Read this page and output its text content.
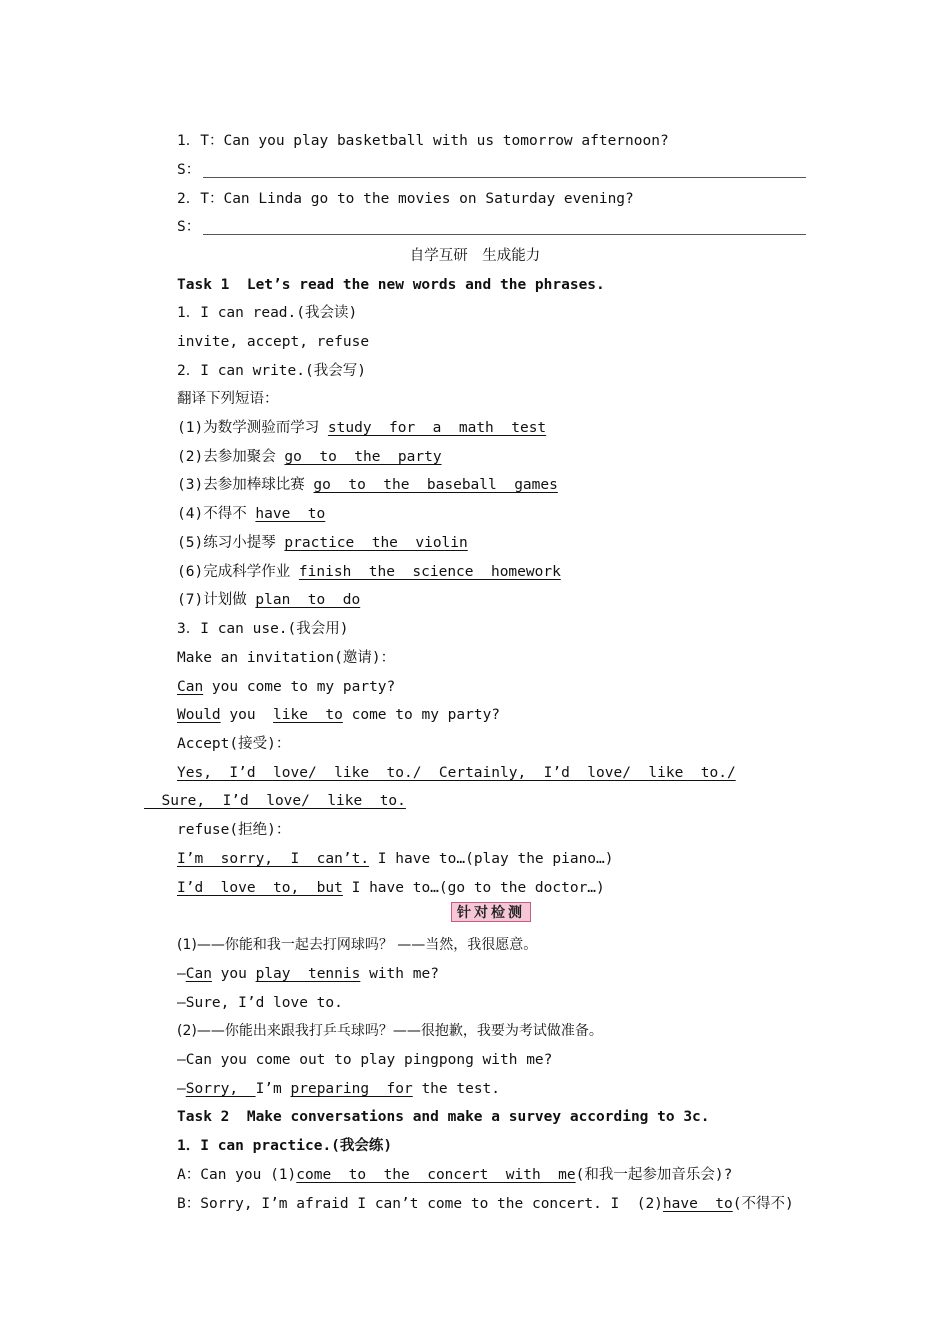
1．T：Can you play basketball with us tomorrow afternoon?
S：
2．T：Can Linda go to the movies on Saturday evening?
S：
自学互研　生成能力
Task 1  Let’s read the new words and the phrases.
1．I can read.(我会读)
invite, accept, refuse
2．I can write.(我会写)
翻译下列短语：
(1)为数学测验而学习 study  for  a  math  test
(2)去参加聚会 go  to  the  party
(3)去参加棒球比赛 go  to  the  baseball  games
(4)不得不 have  to
(5)练习小提琴 practice  the  violin
(6)完成科学作业 finish  the  science  homework
(7)计划做 plan  to  do
3．I can use.(我会用)
Make an invitation(邀请)：
Can you come to my party?
Would you  like  to come to my party?
Accept(接受)：
Yes,  I’d  love/  like  to./  Certainly,  I’d  love/  like  to./
Sure,  I’d  love/  like  to.
refuse(拒绝)：
I’m  sorry,  I  can’t. I have to…(play the piano…)
I’d  love  to,  but I have to…(go to the doctor…)
针对检测
(1)——你能和我一起去打网球吗？ ——当然，我很愿意。
—Can you play  tennis with me?
—Sure, I’d love to.
(2)——你能出来跟我打乒乓球吗？——很抱歉，我要为考试做准备。
—Can you come out to play pingpong with me?
—Sorry,  I’m preparing  for the test.
Task 2  Make conversations and make a survey according to 3c.
1．I can practice.(我会练)
A：Can you (1)come  to  the  concert  with  me(和我一起参加音乐会)?
B：Sorry, I’m afraid I can’t come to the concert. I  (2)have  to(不得不)
